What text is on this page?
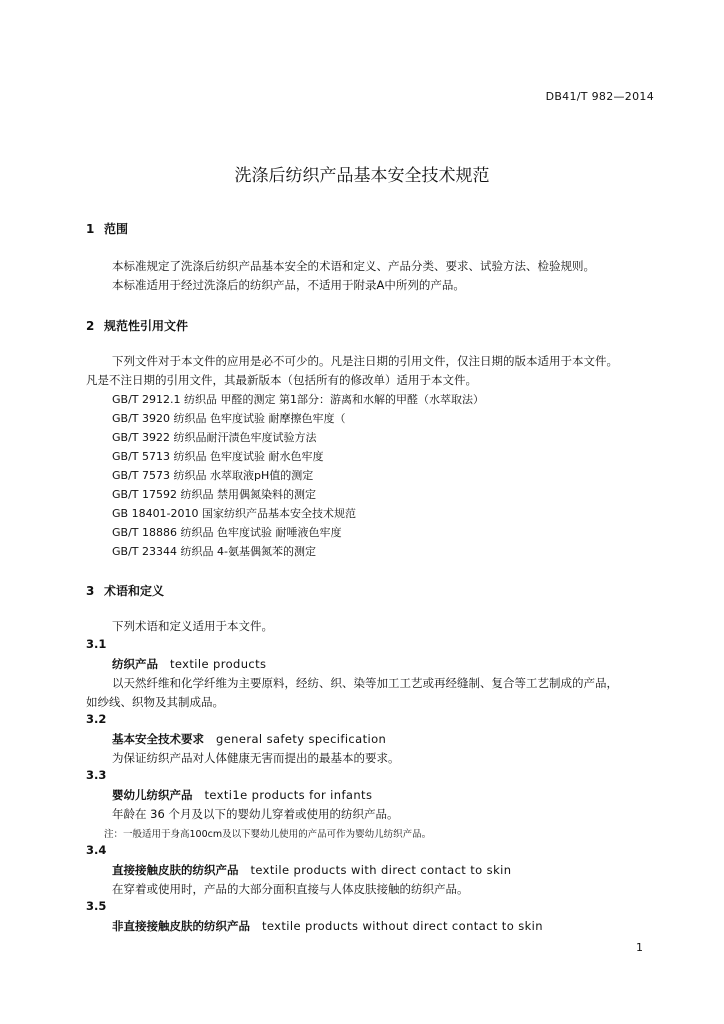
DB41/T 982—2014
洗涤后纺织产品基本安全技术规范
1 范围
本标准规定了洗涤后纺织产品基本安全的术语和定义、产品分类、要求、试验方法、检验规则。
本标准适用于经过洗涤后的纺织产品，不适用于附录A中所列的产品。
2 规范性引用文件
下列文件对于本文件的应用是必不可少的。凡是注日期的引用文件，仅注日期的版本适用于本文件。
凡是不注日期的引用文件，其最新版本（包括所有的修改单）适用于本文件。
GB/T 2912.1 纺织品 甲醛的测定 第1部分：游离和水解的甲醛（水萃取法）
GB/T 3920 纺织品 色牢度试验 耐摩擦色牢度（
GB/T 3922 纺织品耐汗渍色牢度试验方法
GB/T 5713 纺织品 色牢度试验 耐水色牢度
GB/T 7573 纺织品 水萃取液pH值的测定
GB/T 17592 纺织品 禁用偶氮染料的测定
GB 18401-2010 国家纺织产品基本安全技术规范
GB/T 18886 纺织品 色牢度试验 耐唾液色牢度
GB/T 23344 纺织品 4-氨基偶氮苯的测定
3 术语和定义
下列术语和定义适用于本文件。
3.1
纺织产品 textile products
以天然纤维和化学纤维为主要原料，经纺、织、染等加工工艺或再经缝制、复合等工艺制成的产品，
如纱线、织物及其制成品。
3.2
基本安全技术要求 general safety specification
为保证纺织产品对人体健康无害而提出的最基本的要求。
3.3
婴幼儿纺织产品 texti1e products for infants
年龄在 36 个月及以下的婴幼儿穿着或使用的纺织产品。
注：一般适用于身高100cm及以下婴幼儿使用的产品可作为婴幼儿纺织产品。
3.4
直接接触皮肤的纺织产品 textile products with direct contact to skin
在穿着或使用时，产品的大部分面积直接与人体皮肤接触的纺织产品。
3.5
非直接接触皮肤的纺织产品 textile products without direct contact to skin
1
